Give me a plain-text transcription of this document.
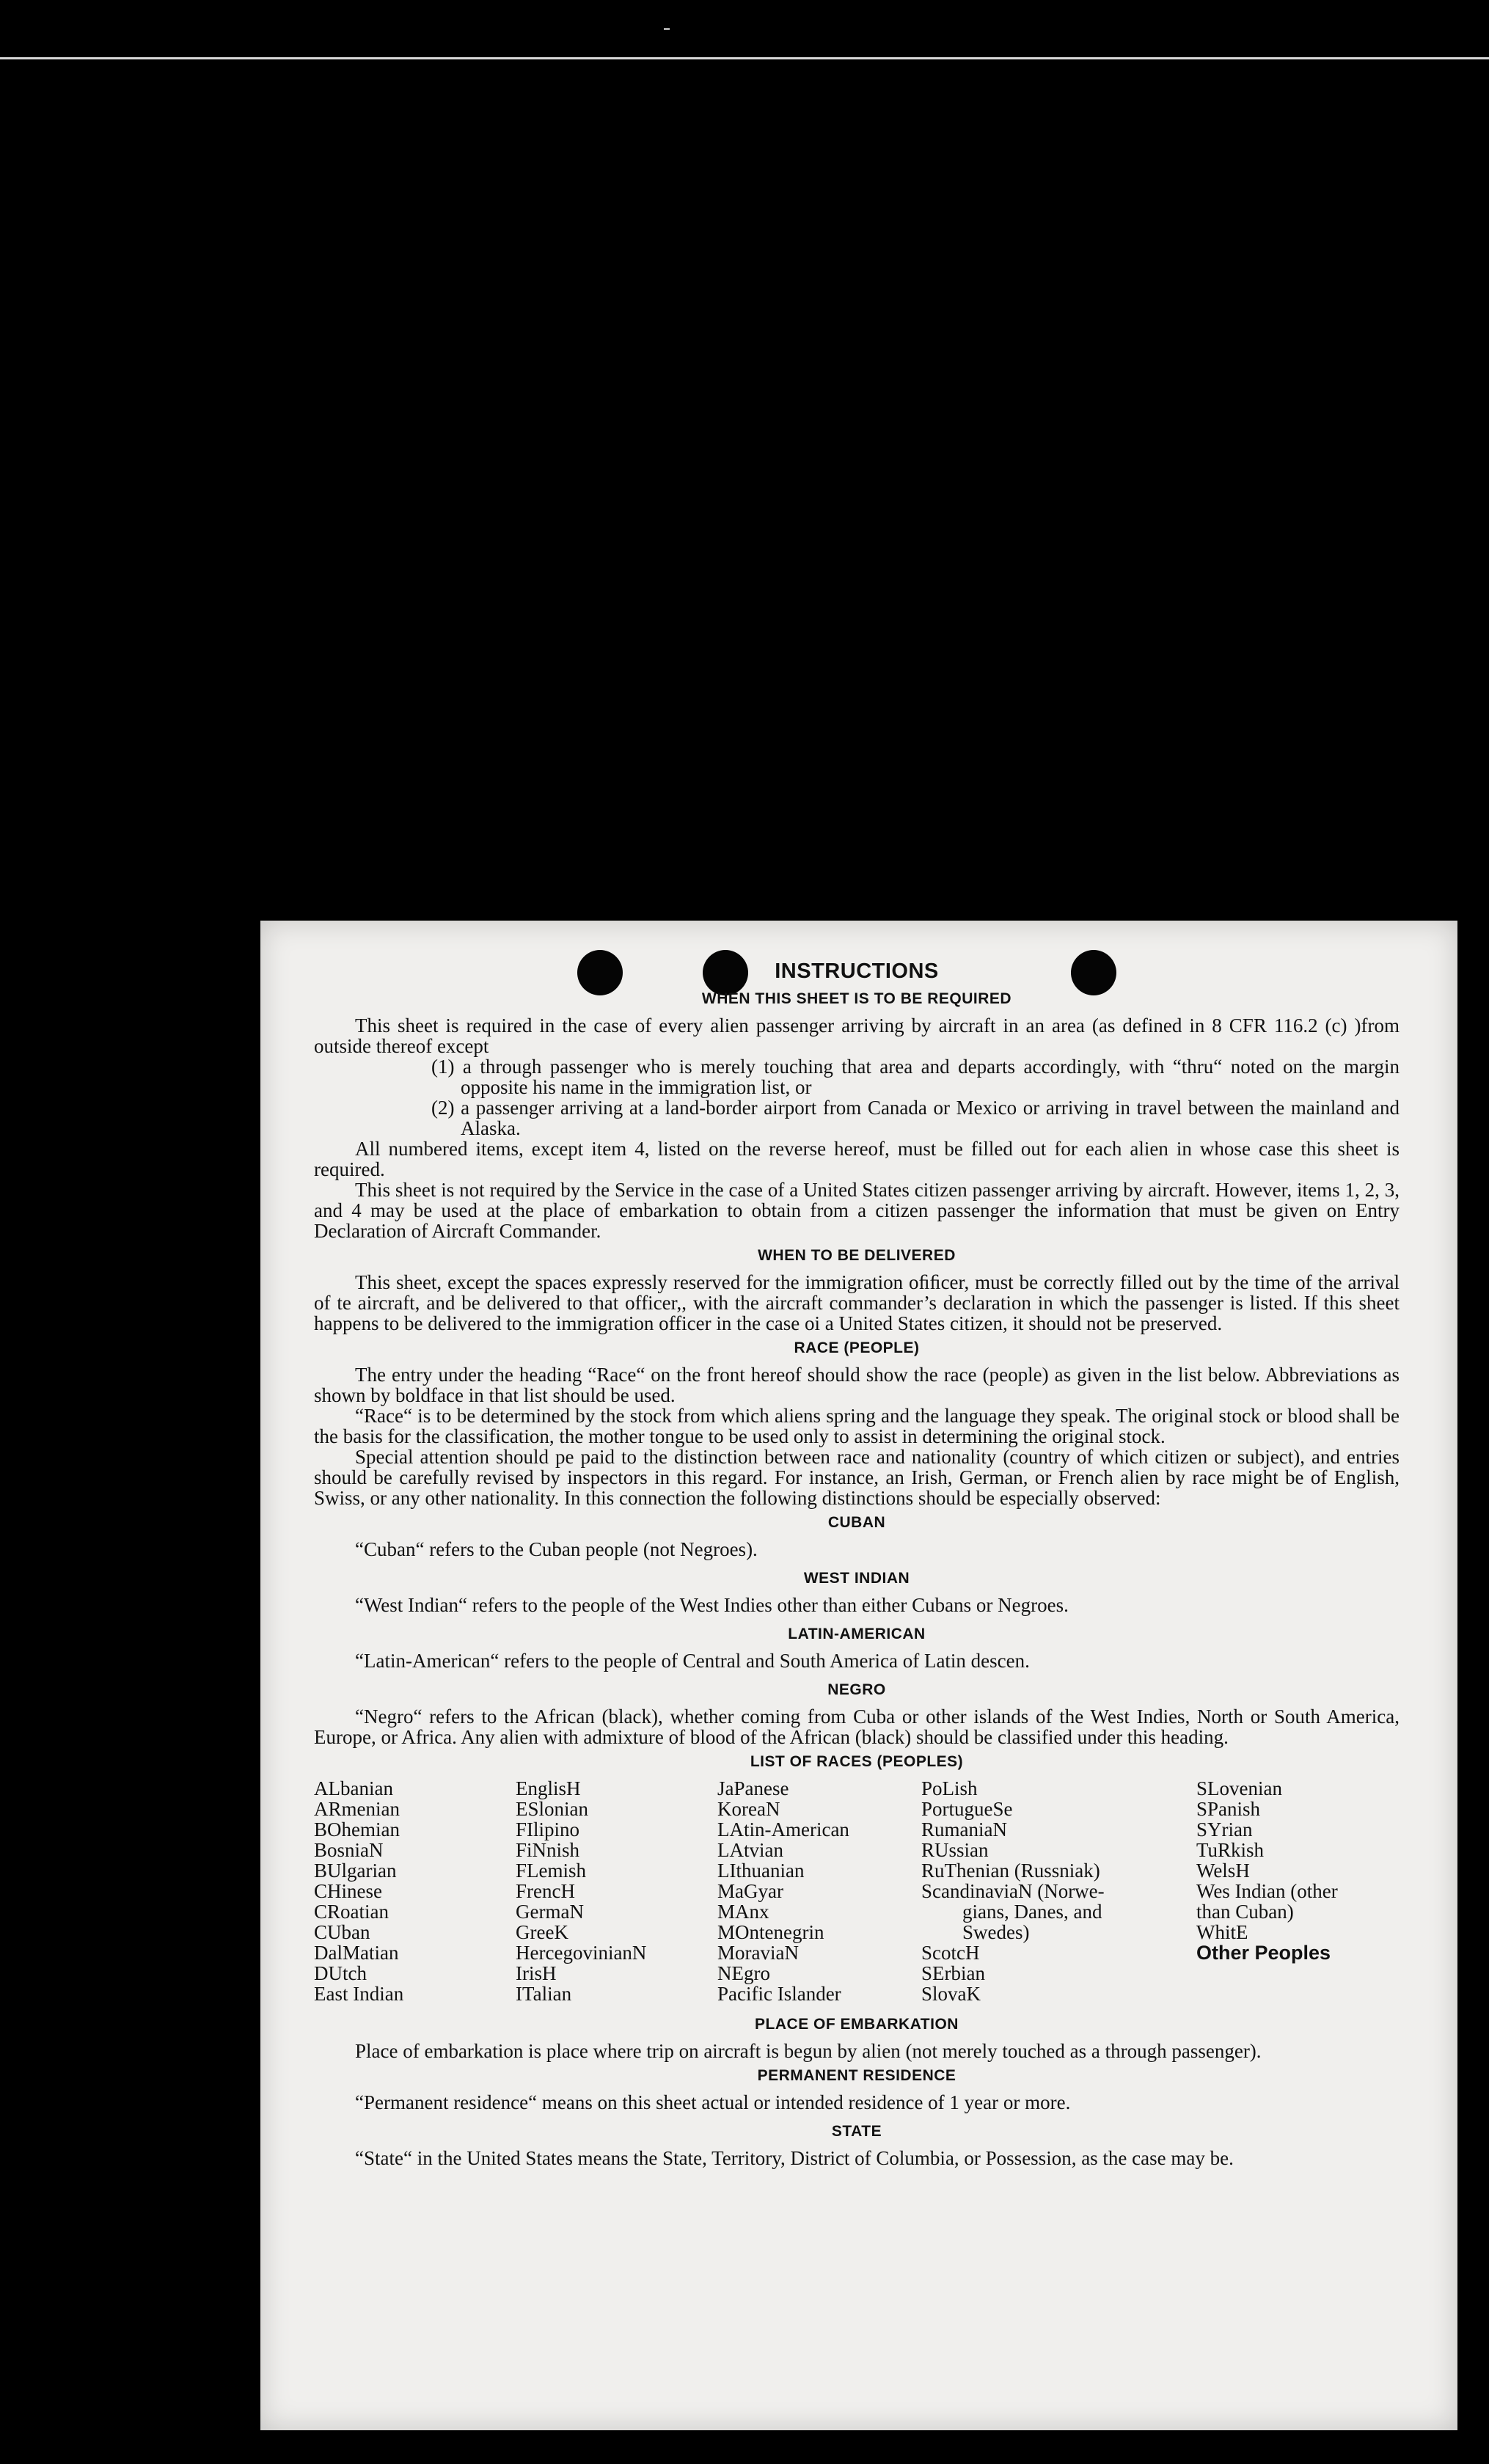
INSTRUCTIONS
WHEN THIS SHEET IS TO BE REQUIRED

This sheet is required in the case of every alien passenger arriving by aircraft in an area (as defined in 8 CFR 116.2 (c) )from outside thereof except

(1) a through passenger who is merely touching that area and departs accordingly, with “thru“ noted on the margin opposite his name in the immigration list, or

(2) a passenger arriving at a land-border airport from Canada or Mexico or arriving in travel between the mainland and Alaska.

All numbered items, except item 4, listed on the reverse hereof, must be filled out for each alien in whose case this sheet is required.

This sheet is not required by the Service in the case of a United States citizen passenger arriving by aircraft. However, items 1, 2, 3, and 4 may be used at the place of embarkation to obtain from a citizen passenger the information that must be given on Entry Declaration of Aircraft Commander.

WHEN TO BE DELIVERED

This sheet, except the spaces expressly reserved for the immigration oﬁﬁcer, must be correctly filled out by the time of the arrival of te aircraft, and be delivered to that officer,, with the aircraft commander’s declaration in which the passenger is listed. If this sheet happens to be delivered to the immigration officer in the case oi a United States citizen, it should not be preserved.

RACE (PEOPLE)

The entry under the heading “Race“ on the front hereof should show the race (people) as given in the list below. Abbreviations as shown by boldface in that list should be used.

“Race“ is to be determined by the stock from which aliens spring and the language they speak. The original stock or blood shall be the basis for the classification, the mother tongue to be used only to assist in determining the original stock.

Special attention should pe paid to the distinction between race and nationality (country of which citizen or subject), and entries should be carefully revised by inspectors in this regard. For instance, an Irish, German, or French alien by race might be of English, Swiss, or any other nationality. In this connection the following distinctions should be especially observed:

CUBAN

“Cuban“ refers to the Cuban people (not Negroes).

WEST INDIAN

“West Indian“ refers to the people of the West Indies other than either Cubans or Negroes.

LATIN-AMERICAN

“Latin-American“ refers to the people of Central and South America of Latin descen.

NEGRO

“Negro“ refers to the African (black), whether coming from Cuba or other islands of the West Indies, North or South America, Europe, or Africa. Any alien with admixture of blood of the African (black) should be classified under this heading.

LIST OF RACES (PEOPLES)
ALbanian
ARmenian
BOhemian
BosniaN
BUlgarian
CHinese
CRoatian
CUban
DalMatian
DUtch
East Indian
EnglisH
ESlonian
FIlipino
FiNnish
FLemish
FrencH
GermaN
GreeK
HercegovinianN
IrisH
ITalian
JaPanese
KoreaN
LAtin-American
LAtvian
LIthuanian
MaGyar
MAnx
MOntenegrin
MoraviaN
NEgro
Pacific Islander
PoLish
PortugueSe
RumaniaN
RUssian
RuThenian (Russniak)
ScandinaviaN (Norwe-
gians, Danes, and
Swedes)
ScotcH
SErbian
SlovaK
SLovenian
SPanish
SYrian
TuRkish
WelsH
Wes Indian (other
than Cuban)
WhitE
Other Peoples
PLACE OF EMBARKATION

Place of embarkation is place where trip on aircraft is begun by alien (not merely touched as a through passenger).

PERMANENT RESIDENCE

“Permanent residence“ means on this sheet actual or intended residence of 1 year or more.

STATE

“State“ in the United States means the State, Territory, District of Columbia, or Possession, as the case may be.
